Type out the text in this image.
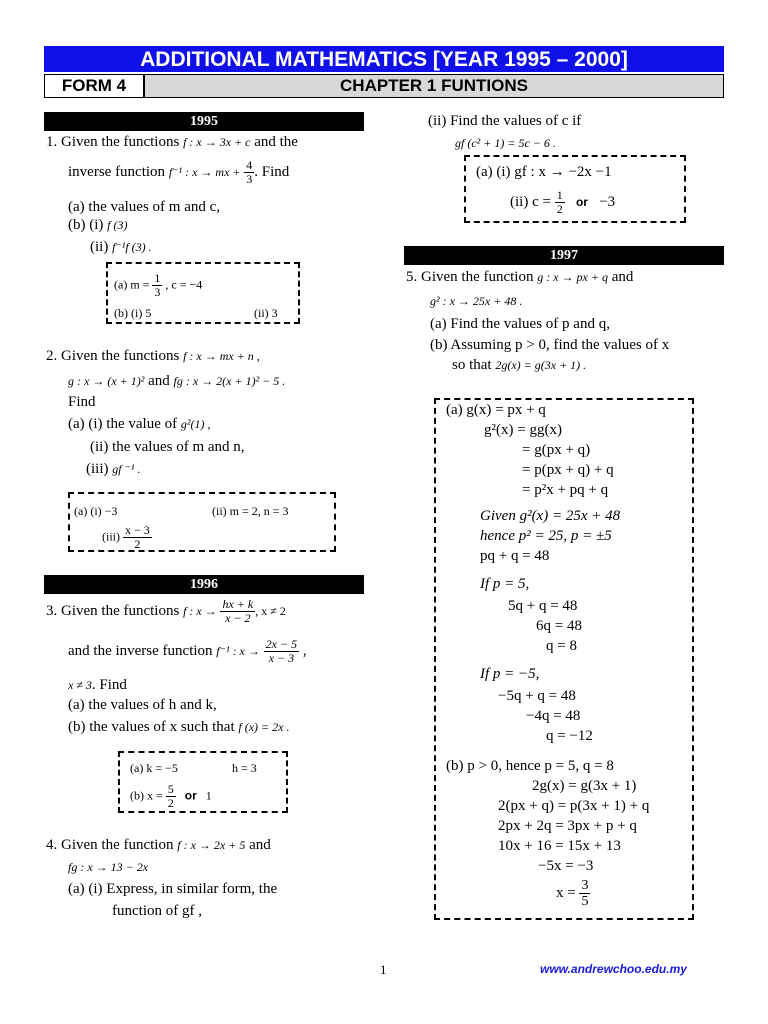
ADDITIONAL MATHEMATICS [YEAR 1995 – 2000]
FORM 4	CHAPTER 1 FUNTIONS
1995
1. Given the functions f : x → 3x + c and the
inverse function f⁻¹ : x → mx + $\frac{4}{3}$ . Find
(a) the values of m and c,
(b) (i) f (3)
(ii) f⁻¹f (3) .
(a) $m = \frac{1}{3}$ , c = −4
(b) (i) 5	(ii) 3
2. Given the functions f : x → mx + n ,
g : x → (x + 1)² and fg : x → 2(x + 1)² − 5 .
Find
(a) (i) the value of g²(1) ,
(ii) the values of m and n,
(iii) gf ⁻¹ .
(a) (i) −3	(ii) m = 2, n = 3
$(iii) \frac{x - 3}{2}$
1996
3. Given the functions f : $x \to \frac{hx + k}{x - 2}$ , x ≠ 2
and the inverse function f⁻¹ : $x \to \frac{2x - 5}{x - 3}$ ,
x ≠ 3. Find
(a) the values of h and k,
(b) the values of x such that f (x) = 2x .
(a) k = −5	h = 3
(b) $x = \frac{5}{2}$ or 1
4. Given the function f : x → 2x + 5 and
fg : x → 13 − 2x
(a) (i) Express, in similar form, the
function of gf ,
(ii) Find the values of c if
gf (c² + 1) = 5c − 6 .
(a) (i) gf : x → −2x −1
(ii) $c = \frac{1}{2}$ or −3
1997
5. Given the function g : x → px + q and
g² : x → 25x + 48 .
(a) Find the values of p and q,
(b) Assuming p > 0, find the values of x
so that 2g(x) = g(3x + 1) .
(a) g(x) = px + q
g²(x) = gg(x)
= g(px + q)
= p(px + q) + q
= p²x + pq + q
Given g²(x) = 25x + 48
hence p² = 25, p = ±5
pq + q = 48
If p = 5,
5q + q = 48
6q = 48
q = 8
If p = −5,
−5q + q = 48
−4q = 48
q = −12
(b) p > 0, hence p = 5, q = 8
2g(x) = g(3x + 1)
2(px + q) = p(3x + 1) + q
2px + 2q = 3px + p + q
10x + 16 = 15x + 13
−5x = −3
$x = \frac{3}{5}$
1	www.andrewchoo.edu.my
